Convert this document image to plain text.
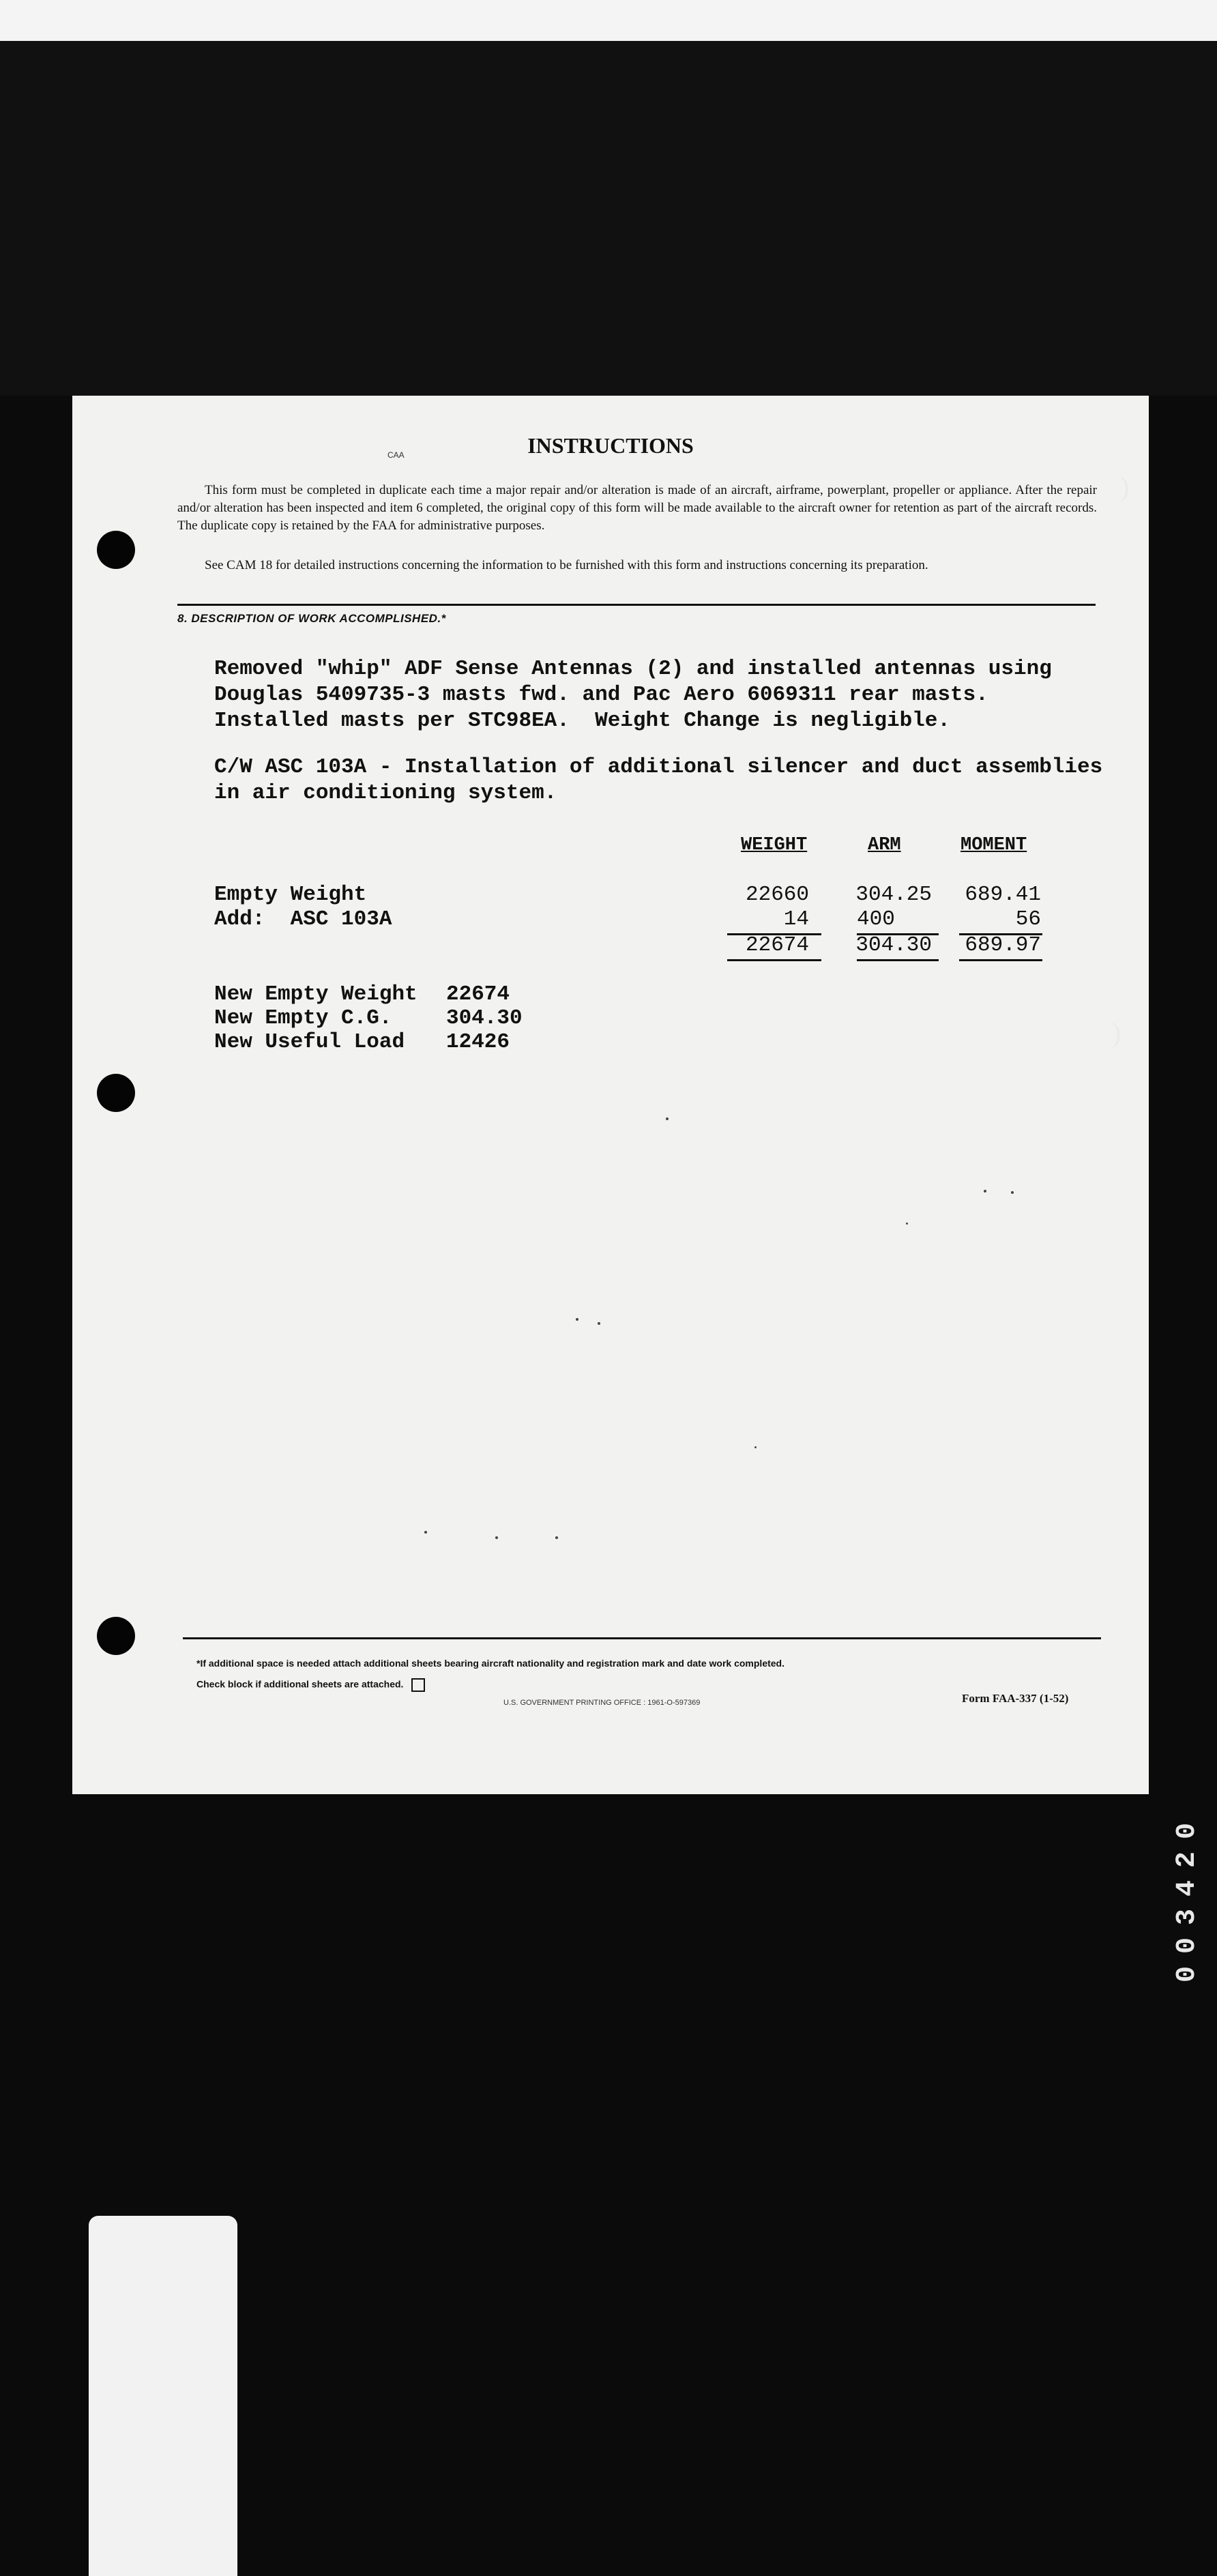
CAA	INSTRUCTIONS
This form must be completed in duplicate each time a major repair and/or alteration is made of an aircraft, airframe, powerplant, propeller or appliance. After the repair and/or alteration has been inspected and item 6 completed, the original copy of this form will be made available to the aircraft owner for retention as part of the aircraft records. The duplicate copy is retained by the FAA for administrative purposes.
See CAM 18 for detailed instructions concerning the information to be furnished with this form and instructions concerning its preparation.
8. DESCRIPTION OF WORK ACCOMPLISHED.*
Removed "whip" ADF Sense Antennas (2) and installed antennas using
Douglas 5409735-3 masts fwd. and Pac Aero 6069311 rear masts.
Installed masts per STC98EA.  Weight Change is negligible.
C/W ASC 103A - Installation of additional silencer and duct assemblies
in air conditioning system.
WEIGHT	ARM	MOMENT
Empty Weight	22660 304.25 689.41
Add:  ASC 103A	14 400	56
22674 304.30 689.97
New Empty Weight 22674
New Empty C.G.	304.30
New Useful Load 12426
*If additional space is needed attach additional sheets bearing aircraft nationality and registration mark and date work completed.
Check block if additional sheets are attached.
U.S. GOVERNMENT PRINTING OFFICE : 1961-O-597369	Form FAA-337 (1-52)
)
)
003420
